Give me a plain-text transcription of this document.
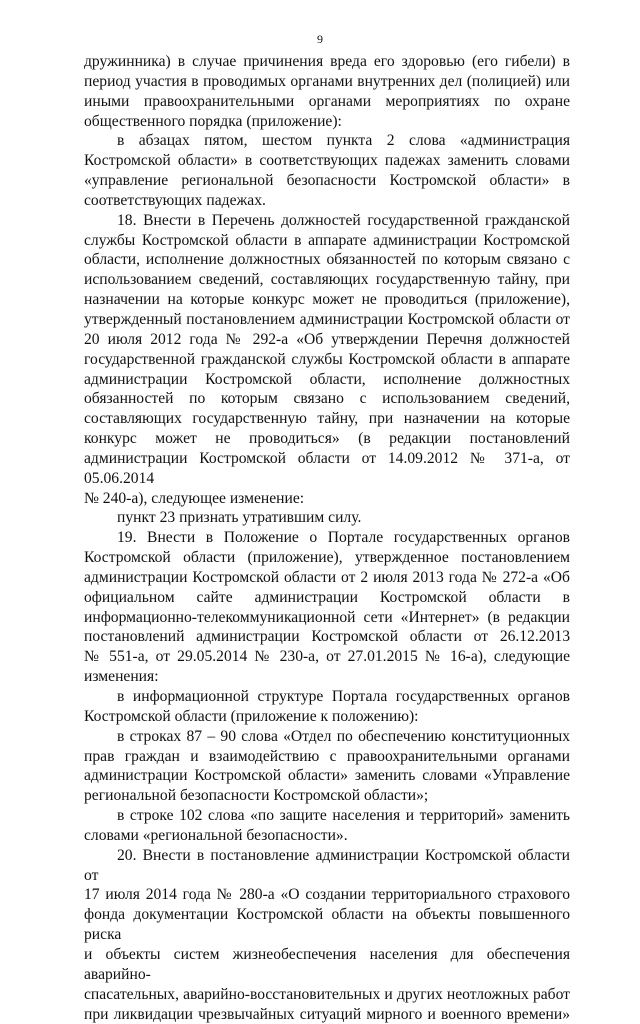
9

дружинника) в случае причинения вреда его здоровью (его гибели) в

период участия в проводимых органами внутренних дел (полицией) или

иными правоохранительными органами мероприятиях по охране

общественного порядка (приложение):

в абзацах пятом, шестом пункта 2 слова «администрация

Костромской области» в соответствующих падежах заменить словами

«управление региональной безопасности Костромской области» в

соответствующих падежах.

18. Внести в Перечень должностей государственной гражданской

службы Костромской области в аппарате администрации Костромской

области, исполнение должностных обязанностей по которым связано с

использованием сведений, составляющих государственную тайну, при

назначении на которые конкурс может не проводиться (приложение),

утвержденный постановлением администрации Костромской области от

20 июля 2012 года № 292-а «Об утверждении Перечня должностей

государственной гражданской службы Костромской области в аппарате

администрации Костромской области, исполнение должностных

обязанностей по которым связано с использованием сведений,

составляющих государственную тайну, при назначении на которые

конкурс может не проводиться» (в редакции постановлений

администрации Костромской области от 14.09.2012 № 371-а, от 05.06.2014

№ 240-а), следующее изменение:

пункт 23 признать утратившим силу.

19. Внести в Положение о Портале государственных органов

Костромской области (приложение), утвержденное постановлением

администрации Костромской области от 2 июля 2013 года № 272-а «Об

официальном сайте администрации Костромской области в

информационно-телекоммуникационной сети «Интернет» (в редакции

постановлений администрации Костромской области от 26.12.2013

№ 551-а, от 29.05.2014 № 230-а, от 27.01.2015 № 16-а), следующие

изменения:

в информационной структуре Портала государственных органов

Костромской области (приложение к положению):

в строках 87 – 90 слова «Отдел по обеспечению конституционных

прав граждан и взаимодействию с правоохранительными органами

администрации Костромской области» заменить словами «Управление

региональной безопасности Костромской области»;

в строке 102 слова «по защите населения и территорий» заменить

словами «региональной безопасности».

20. Внести в постановление администрации Костромской области от

17 июля 2014 года № 280-а «О создании территориального страхового

фонда документации Костромской области на объекты повышенного риска

и объекты систем жизнеобеспечения населения для обеспечения аварийно-

спасательных, аварийно-восстановительных и других неотложных работ

при ликвидации чрезвычайных ситуаций мирного и военного времени»
